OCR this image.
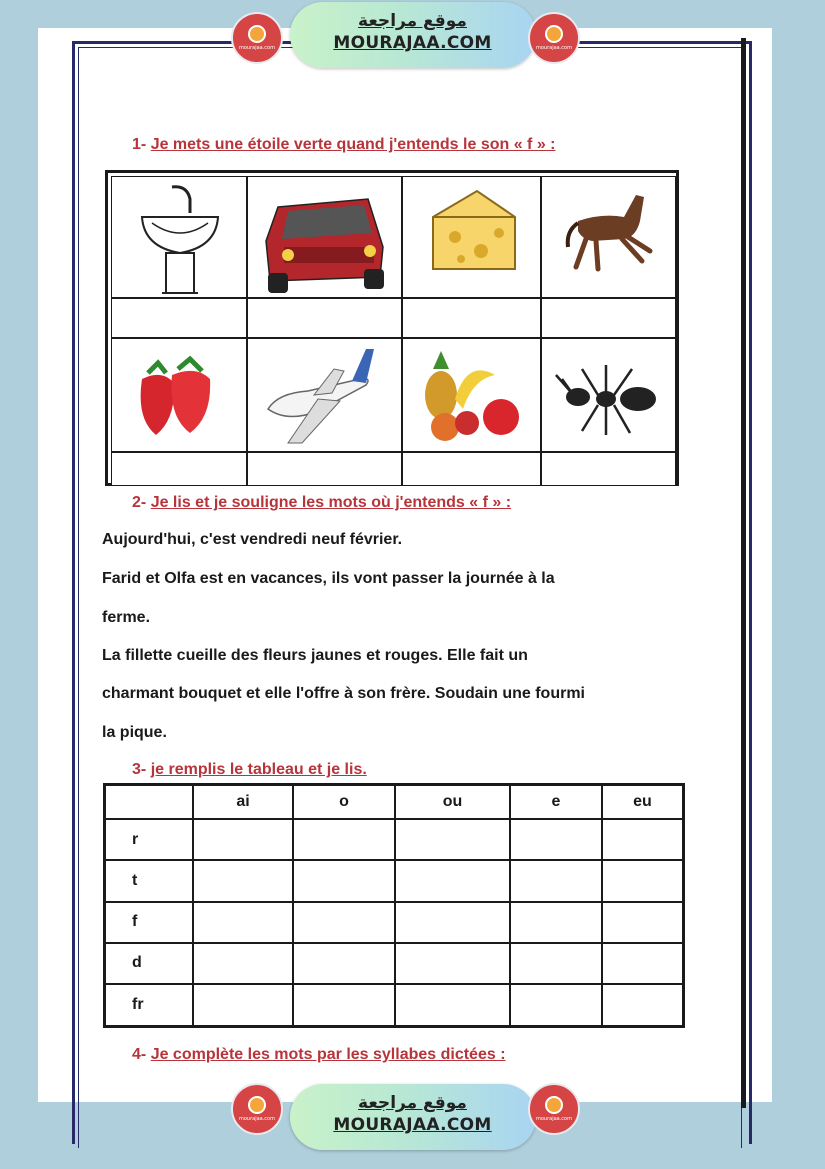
mourajaa.com
موقع مراجعة
MOURAJAA.COM	mourajaa.com
1- Je mets une étoile verte quand j'entends le son « f » :
2- Je lis et je souligne les mots où j'entends « f » :
Aujourd'hui, c'est vendredi neuf février.
Farid et Olfa est en vacances, ils vont passer la journée à la
ferme.
La fillette cueille des fleurs jaunes et rouges. Elle fait un
charmant bouquet et elle l'offre à son frère. Soudain une fourmi
la pique.
3- je remplis le tableau et je lis.
	ai	o	ou	e	eu
r					
t					
f					
d					
fr					
4- Je complète les mots par les syllabes dictées :
mourajaa.com
موقع مراجعة
MOURAJAA.COM	mourajaa.com
